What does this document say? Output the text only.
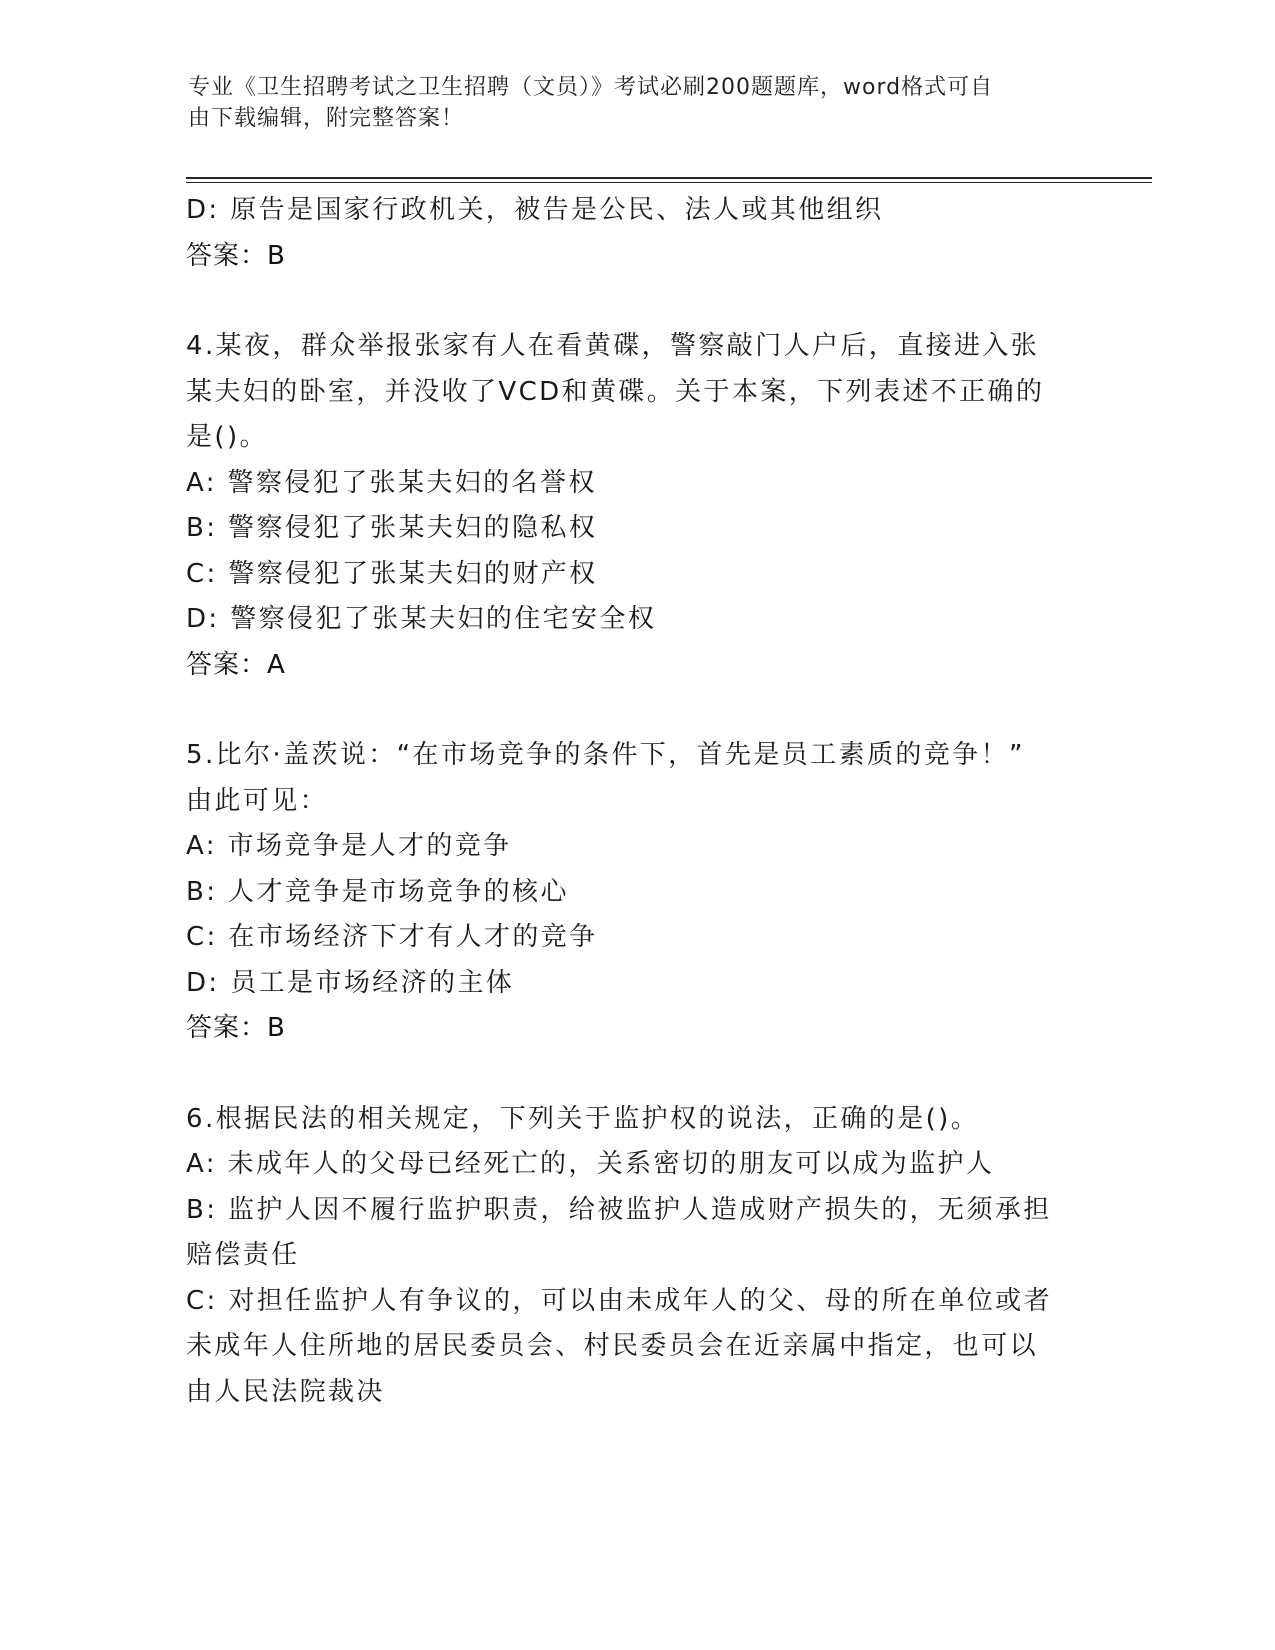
专业《卫生招聘考试之卫生招聘（文员）》考试必刷200题题库，word格式可自
由下载编辑，附完整答案！
D: 原告是国家行政机关，被告是公民、法人或其他组织
答案：B
4.某夜，群众举报张家有人在看黄碟，警察敲门人户后，直接进入张
某夫妇的卧室，并没收了VCD和黄碟。关于本案，下列表述不正确的
是()。
A: 警察侵犯了张某夫妇的名誉权
B: 警察侵犯了张某夫妇的隐私权
C: 警察侵犯了张某夫妇的财产权
D: 警察侵犯了张某夫妇的住宅安全权
答案：A
5.比尔·盖茨说：“在市场竞争的条件下，首先是员工素质的竞争！”
由此可见：
A: 市场竞争是人才的竞争
B: 人才竞争是市场竞争的核心
C: 在市场经济下才有人才的竞争
D: 员工是市场经济的主体
答案：B
6.根据民法的相关规定，下列关于监护权的说法，正确的是()。
A: 未成年人的父母已经死亡的，关系密切的朋友可以成为监护人
B: 监护人因不履行监护职责，给被监护人造成财产损失的，无须承担
赔偿责任
C: 对担任监护人有争议的，可以由未成年人的父、母的所在单位或者
未成年人住所地的居民委员会、村民委员会在近亲属中指定，也可以
由人民法院裁决
